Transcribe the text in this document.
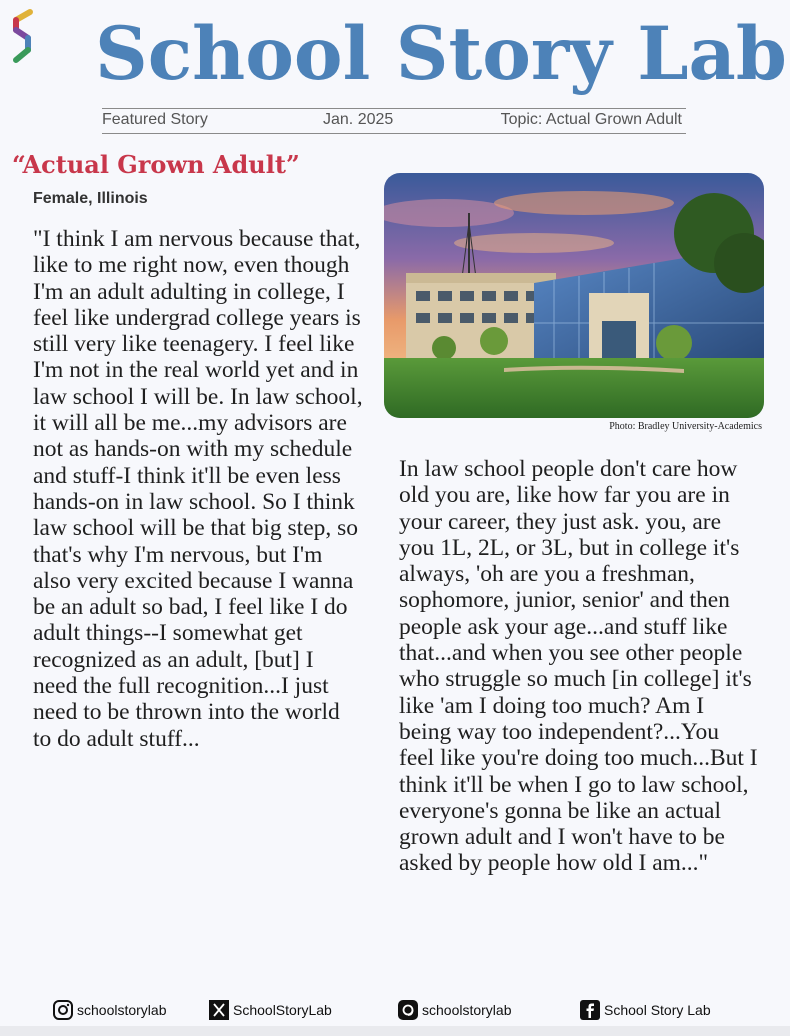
School Story Lab
Featured Story	Jan. 2025	Topic: Actual Grown Adult
“Actual Grown Adult”
Female, Illinois

"I think I am nervous because that, like to me right now, even though I'm an adult adulting in college, I feel like undergrad college years is still very like teenagery. I feel like I'm not in the real world yet and in law school I will be. In law school, it will all be me...my advisors are not as hands-on with my schedule and stuff-I think it'll be even less hands-on in law school. So I think law school will be that big step, so that's why I'm nervous, but I'm also very excited because I wanna be an adult so bad, I feel like I do adult things--I somewhat get recognized as an adult, [but] I need the full recognition...I just need to be thrown into the world to do adult stuff...

Photo: Bradley University-Academics

In law school people don't care how old you are, like how far you are in your career, they just ask. you, are you 1L, 2L, or 3L, but in college it's always, 'oh are you a freshman, sophomore, junior, senior' and then people ask your age...and stuff like that...and when you see other people who struggle so much [in college] it's like 'am I doing too much? Am I being way too independent?...You feel like you're doing too much...But I think it'll be when I go to law school, everyone's gonna be like an actual grown adult and I won't have to be asked by people how old I am..."

schoolstorylab	SchoolStoryLab	schoolstorylab	School Story Lab
